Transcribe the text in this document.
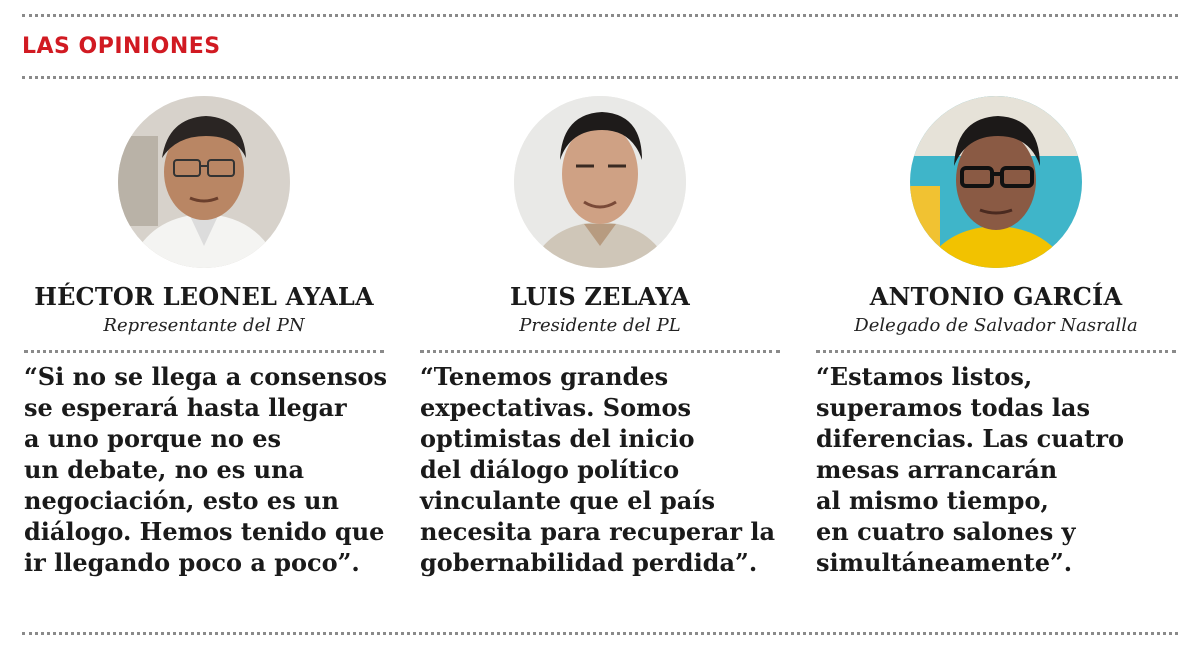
LAS OPINIONES
HÉCTOR LEONEL AYALA
Representante del PN
“Si no se llega a consensos
se esperará hasta llegar
a uno porque no es
un debate, no es una
negociación, esto es un
diálogo. Hemos tenido que
ir llegando poco a poco”.
LUIS ZELAYA
Presidente del PL
“Tenemos grandes
expectativas. Somos
optimistas del inicio
del diálogo político
vinculante que el país
necesita para recuperar la
gobernabilidad perdida”.
ANTONIO GARCÍA
Delegado de Salvador Nasralla
“Estamos listos,
superamos todas las
diferencias. Las cuatro
mesas arrancarán
al mismo tiempo,
en cuatro salones y
simultáneamente”.
